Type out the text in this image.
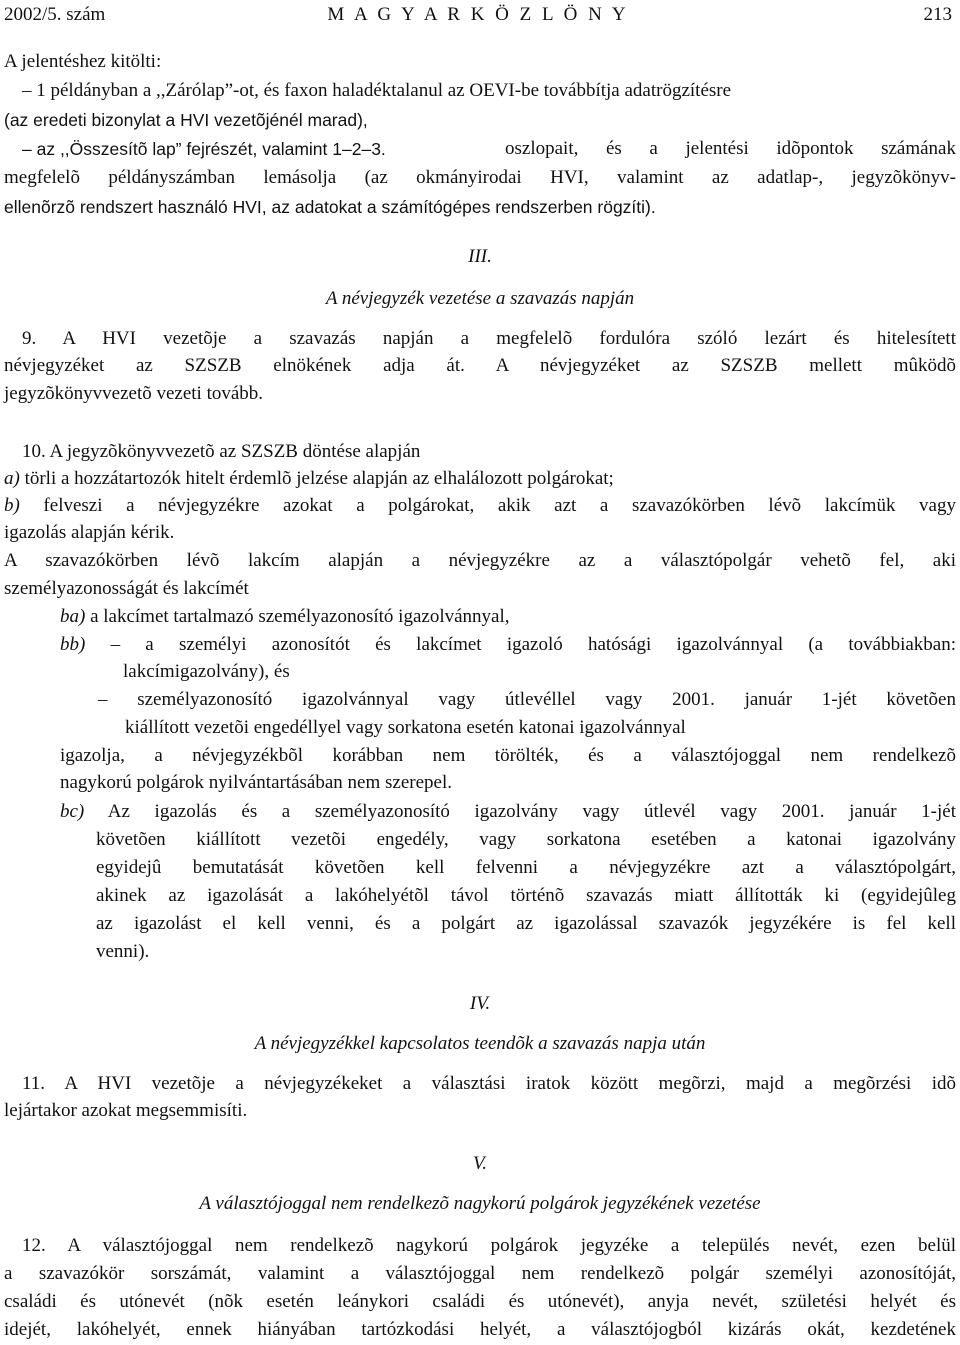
2002/5. szám	M A G Y A R K Ö Z L Ö N Y	213
A jelentéshez kitölti:
– 1 példányban a ,,Zárólap”-ot, és faxon haladéktalanul az OEVI-be továbbítja adatrögzítésre
(az eredeti bizonylat a HVI vezetõjénél marad),
– az ,,Összesítõ lap” fejrészét, valamint 1–2–3.	oszlopait, és a jelentési idõpontok számának
megfelelõ példányszámban lemásolja (az okmányirodai HVI, valamint az adatlap-, jegyzõkönyv-
ellenõrzõ rendszert használó HVI, az adatokat a számítógépes rendszerben rögzíti).
III.
A névjegyzék vezetése a szavazás napján
9. A HVI vezetõje a szavazás napján a megfelelõ fordulóra szóló lezárt és hitelesített
névjegyzéket az SZSZB elnökének adja át. A névjegyzéket az SZSZB mellett mûködõ
jegyzõkönyvvezetõ vezeti tovább.
10. A jegyzõkönyvvezetõ az SZSZB döntése alapján
a) törli a hozzátartozók hitelt érdemlõ jelzése alapján az elhalálozott polgárokat;
b) felveszi a névjegyzékre azokat a polgárokat, akik azt a szavazókörben lévõ lakcímük vagy
igazolás alapján kérik.
A szavazókörben lévõ lakcím alapján a névjegyzékre az a választópolgár vehetõ fel, aki
személyazonosságát és lakcímét
ba) a lakcímet tartalmazó személyazonosító igazolvánnyal,
bb) – a személyi azonosítót és lakcímet igazoló hatósági igazolvánnyal (a továbbiakban:
lakcímigazolvány), és
– személyazonosító igazolvánnyal vagy útlevéllel vagy 2001. január 1-jét követõen
kiállított vezetõi engedéllyel vagy sorkatona esetén katonai igazolvánnyal
igazolja, a névjegyzékbõl korábban nem törölték, és a választójoggal nem rendelkezõ
nagykorú polgárok nyilvántartásában nem szerepel.
bc) Az igazolás és a személyazonosító igazolvány vagy útlevél vagy 2001. január 1-jét
követõen kiállított vezetõi engedély, vagy sorkatona esetében a katonai igazolvány
egyidejû bemutatását követõen kell felvenni a névjegyzékre azt a választópolgárt,
akinek az igazolását a lakóhelyétõl távol történõ szavazás miatt állították ki (egyidejûleg
az igazolást el kell venni, és a polgárt az igazolással szavazók jegyzékére is fel kell
venni).
IV.
A névjegyzékkel kapcsolatos teendõk a szavazás napja után
11. A HVI vezetõje a névjegyzékeket a választási iratok között megõrzi, majd a megõrzési idõ
lejártakor azokat megsemmisíti.
V.
A választójoggal nem rendelkezõ nagykorú polgárok jegyzékének vezetése
12. A választójoggal nem rendelkezõ nagykorú polgárok jegyzéke a település nevét, ezen belül
a szavazókör sorszámát, valamint a választójoggal nem rendelkezõ polgár személyi azonosítóját,
családi és utónevét (nõk esetén leánykori családi és utónevét), anyja nevét, születési helyét és
idejét, lakóhelyét, ennek hiányában tartózkodási helyét, a választójogból kizárás okát, kezdetének
